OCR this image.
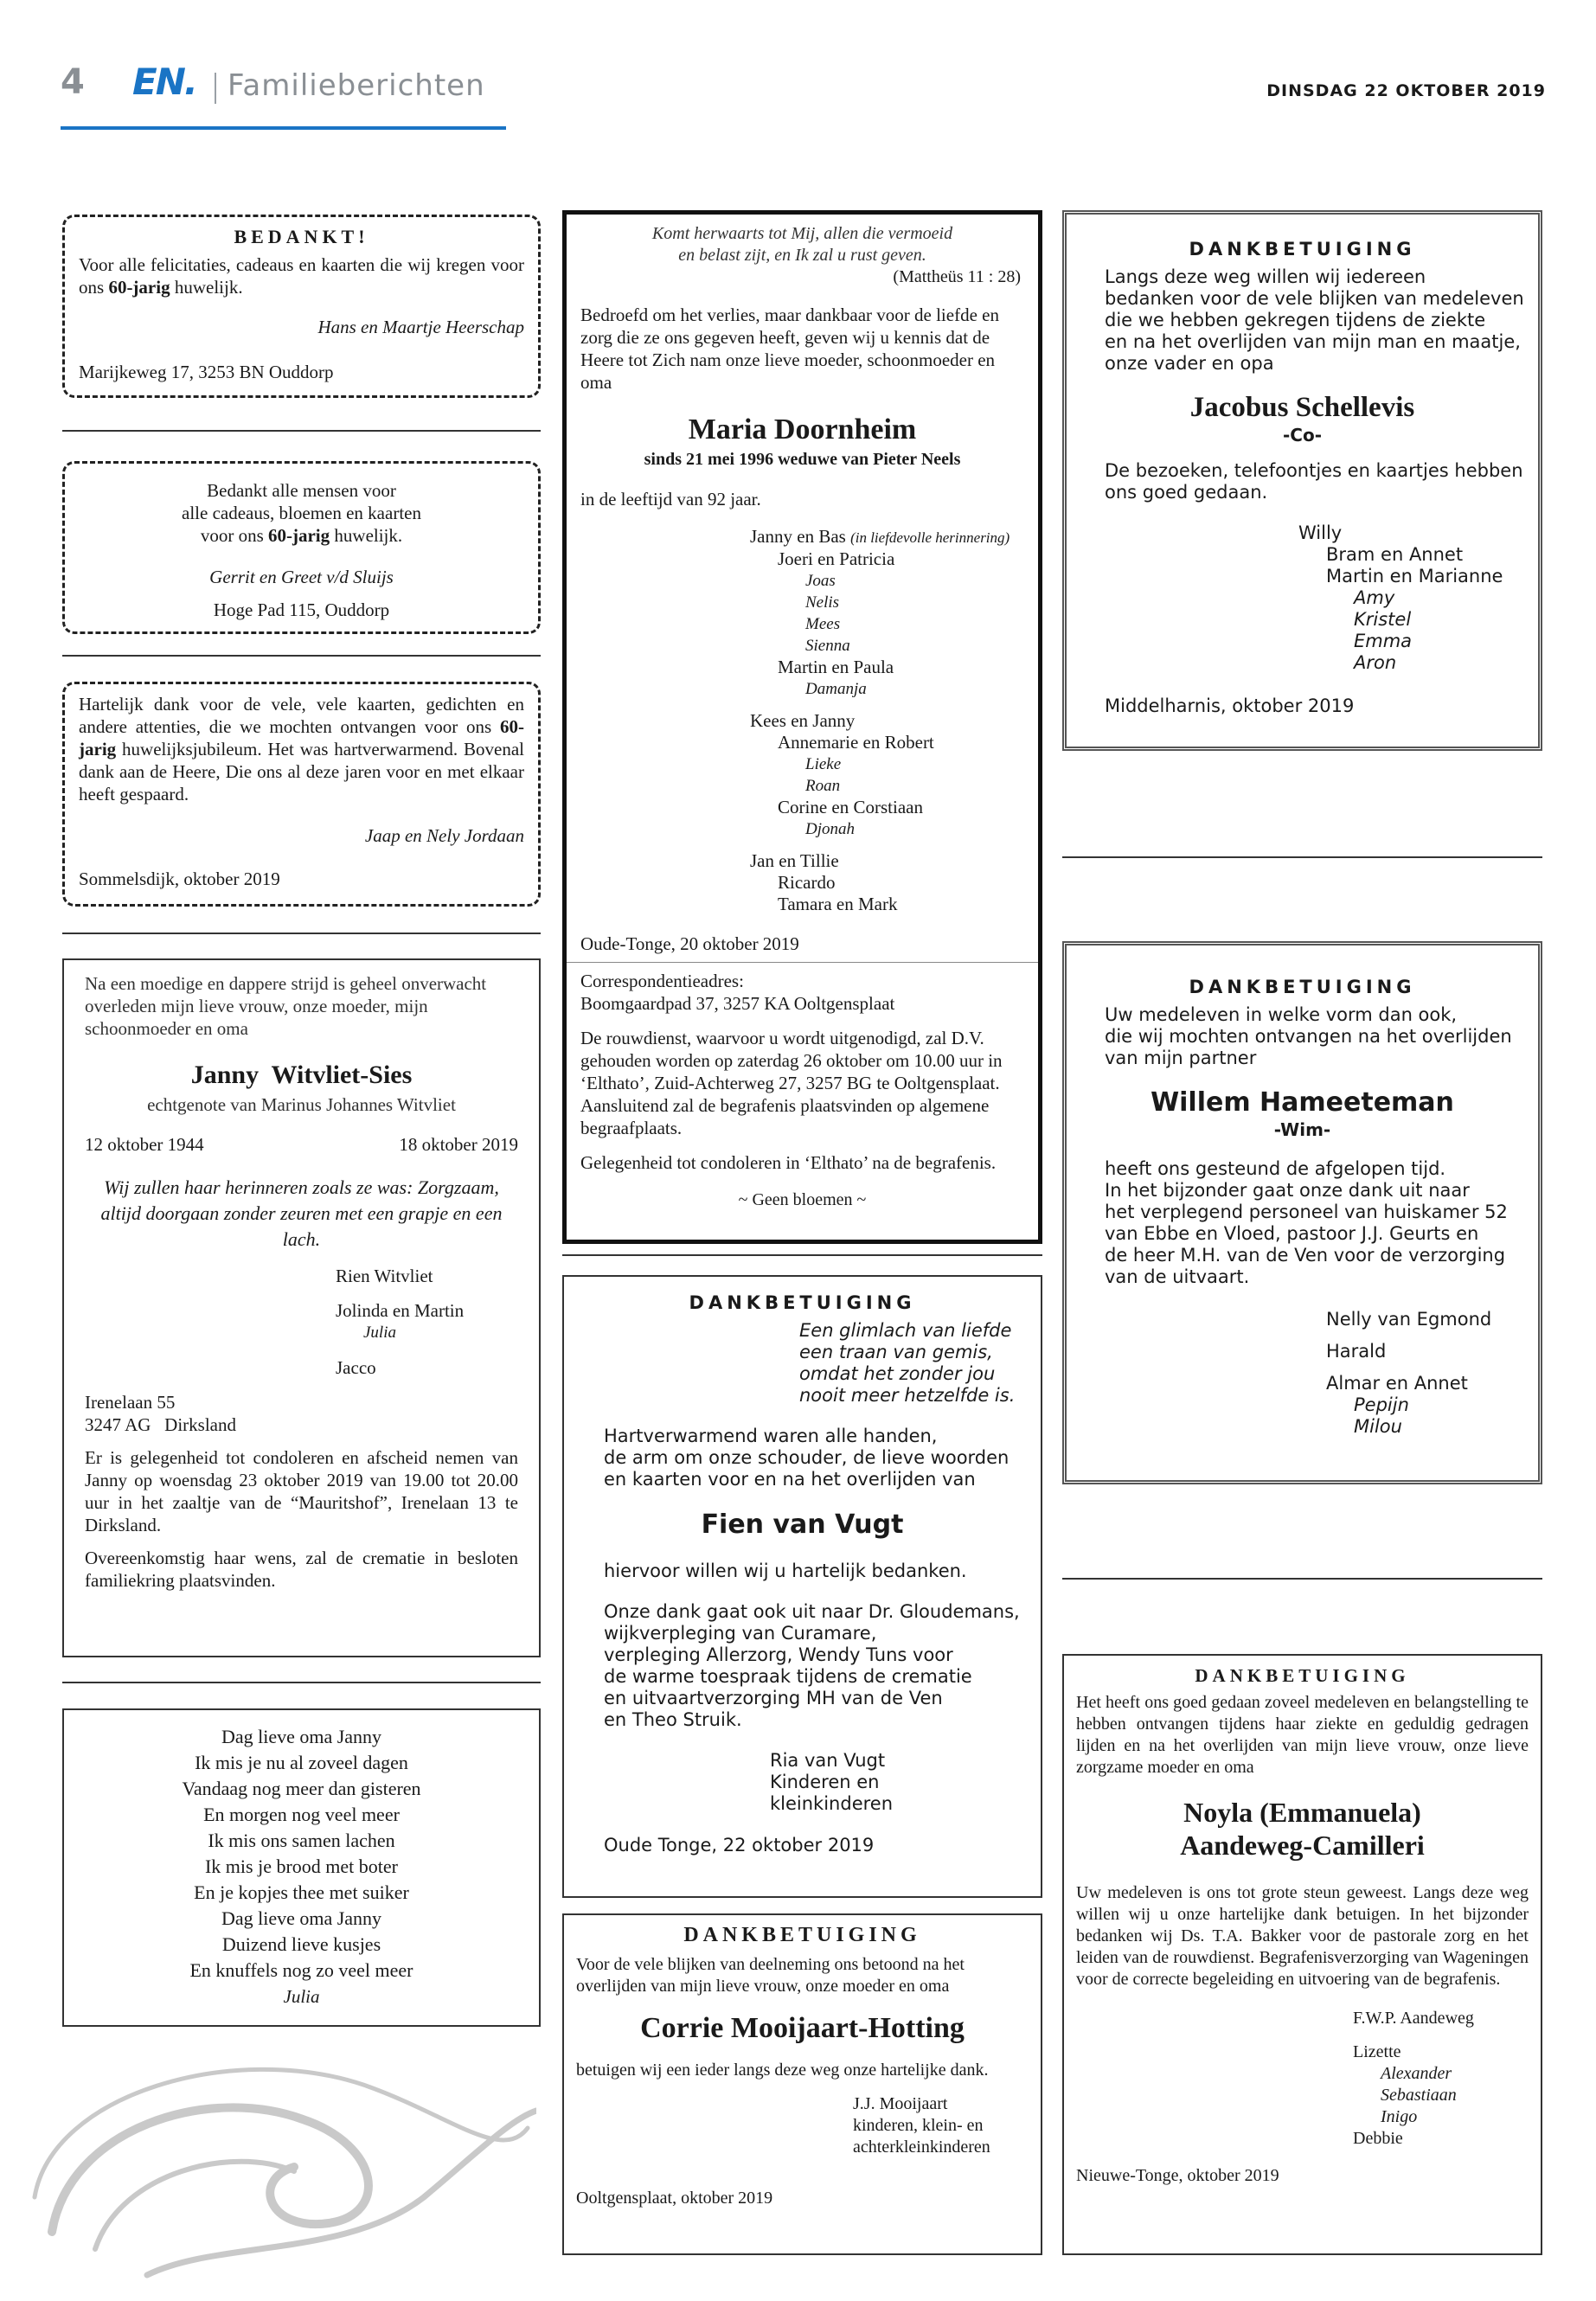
4 EN. Familieberichten	DINSDAG 22 OKTOBER 2019
BEDANKT!
Voor alle felicitaties, cadeaus en kaarten die wij kregen voor ons 60-jarig huwelijk.
Hans en Maartje Heerschap
Marijkeweg 17, 3253 BN Ouddorp
Bedankt alle mensen voor
alle cadeaus, bloemen en kaarten
voor ons 60-jarig huwelijk.
Gerrit en Greet v/d Sluijs
Hoge Pad 115, Ouddorp
Hartelijk dank voor de vele, vele kaarten, gedichten en andere attenties, die we mochten ontvangen voor ons 60-jarig huwelijksjubileum. Het was hartverwarmend. Bovenal dank aan de Heere, Die ons al deze jaren voor en met elkaar heeft gespaard.
Jaap en Nely Jordaan
Sommelsdijk, oktober 2019
Na een moedige en dappere strijd is geheel onverwacht overleden mijn lieve vrouw, onze moeder, mijn schoonmoeder en oma
Janny  Witvliet-Sies
echtgenote van Marinus Johannes Witvliet
12 oktober 1944	18 oktober 2019
Wij zullen haar herinneren zoals ze was: Zorgzaam, altijd doorgaan zonder zeuren met een grapje en een lach.
Rien Witvliet
Jolinda en Martin
Julia
Jacco
Irenelaan 55
3247 AG   Dirksland
Er is gelegenheid tot condoleren en afscheid nemen van Janny op woensdag 23 oktober 2019 van 19.00 tot 20.00 uur in het zaaltje van de “Mauritshof”, Irenelaan 13 te Dirksland.
Overeenkomstig haar wens, zal de crematie in besloten familiekring plaatsvinden.
Dag lieve oma Janny
Ik mis je nu al zoveel dagen
Vandaag nog meer dan gisteren
En morgen nog veel meer
Ik mis ons samen lachen
Ik mis je brood met boter
En je kopjes thee met suiker
Dag lieve oma Janny
Duizend lieve kusjes
En knuffels nog zo veel meer
Julia
Komt herwaarts tot Mij, allen die vermoeid
en belast zijt, en Ik zal u rust geven.
(Mattheüs 11 : 28)
Bedroefd om het verlies, maar dankbaar voor de liefde en zorg die ze ons gegeven heeft, geven wij u kennis dat de Heere tot Zich nam onze lieve moeder, schoonmoeder en oma
Maria Doornheim
sinds 21 mei 1996 weduwe van Pieter Neels
in de leeftijd van 92 jaar.
Janny en Bas (in liefdevolle herinnering)
Joeri en Patricia
Joas
Nelis
Mees
Sienna
Martin en Paula
Damanja
Kees en Janny
Annemarie en Robert
Lieke
Roan
Corine en Corstiaan
Djonah
Jan en Tillie
Ricardo
Tamara en Mark
Oude-Tonge, 20 oktober 2019
Correspondentieadres:
Boomgaardpad 37, 3257 KA Ooltgensplaat
De rouwdienst, waarvoor u wordt uitgenodigd, zal D.V. gehouden worden op zaterdag 26 oktober om 10.00 uur in ‘Elthato’, Zuid-Achterweg 27, 3257 BG te Ooltgensplaat. Aansluitend zal de begrafenis plaatsvinden op algemene begraafplaats.
Gelegenheid tot condoleren in ‘Elthato’ na de begrafenis.
~ Geen bloemen ~
DANKBETUIGING
Een glimlach van liefde
een traan van gemis,
omdat het zonder jou
nooit meer hetzelfde is.
Hartverwarmend waren alle handen,
de arm om onze schouder, de lieve woorden
en kaarten voor en na het overlijden van
Fien van Vugt
hiervoor willen wij u hartelijk bedanken.
Onze dank gaat ook uit naar Dr. Gloudemans,
wijkverpleging van Curamare,
verpleging Allerzorg, Wendy Tuns voor
de warme toespraak tijdens de crematie
en uitvaartverzorging MH van de Ven
en Theo Struik.
Ria van Vugt
Kinderen en kleinkinderen
Oude Tonge, 22 oktober 2019
DANKBETUIGING
Voor de vele blijken van deelneming ons betoond na het overlijden van mijn lieve vrouw, onze moeder en oma
Corrie Mooijaart-Hotting
betuigen wij een ieder langs deze weg onze hartelijke dank.
J.J. Mooijaart
kinderen, klein- en
achterkleinkinderen
Ooltgensplaat, oktober 2019
DANKBETUIGING
Langs deze weg willen wij iedereen
bedanken voor de vele blijken van medeleven
die we hebben gekregen tijdens de ziekte
en na het overlijden van mijn man en maatje,
onze vader en opa
Jacobus Schellevis
-Co-
De bezoeken, telefoontjes en kaartjes hebben
ons goed gedaan.
Willy
Bram en Annet
Martin en Marianne
Amy
Kristel
Emma
Aron
Middelharnis, oktober 2019
DANKBETUIGING
Uw medeleven in welke vorm dan ook,
die wij mochten ontvangen na het overlijden
van mijn partner
Willem Hameeteman
-Wim-
heeft ons gesteund de afgelopen tijd.
In het bijzonder gaat onze dank uit naar
het verplegend personeel van huiskamer 52
van Ebbe en Vloed, pastoor J.J. Geurts en
de heer M.H. van de Ven voor de verzorging
van de uitvaart.
Nelly van Egmond
Harald
Almar en Annet
Pepijn
Milou
DANKBETUIGING
Het heeft ons goed gedaan zoveel medeleven en belangstelling te hebben ontvangen tijdens haar ziekte en geduldig gedragen lijden en na het overlijden van mijn lieve vrouw, onze lieve zorgzame moeder en oma
Noyla (Emmanuela)
Aandeweg-Camilleri
Uw medeleven is ons tot grote steun geweest. Langs deze weg willen wij u onze hartelijke dank betuigen. In het bijzonder bedanken wij Ds. T.A. Bakker voor de pastorale zorg en het leiden van de rouwdienst. Begrafenisverzorging van Wageningen voor de correcte begeleiding en uitvoering van de begrafenis.
F.W.P. Aandeweg
Lizette
Alexander
Sebastiaan
Inigo
Debbie
Nieuwe-Tonge, oktober 2019
